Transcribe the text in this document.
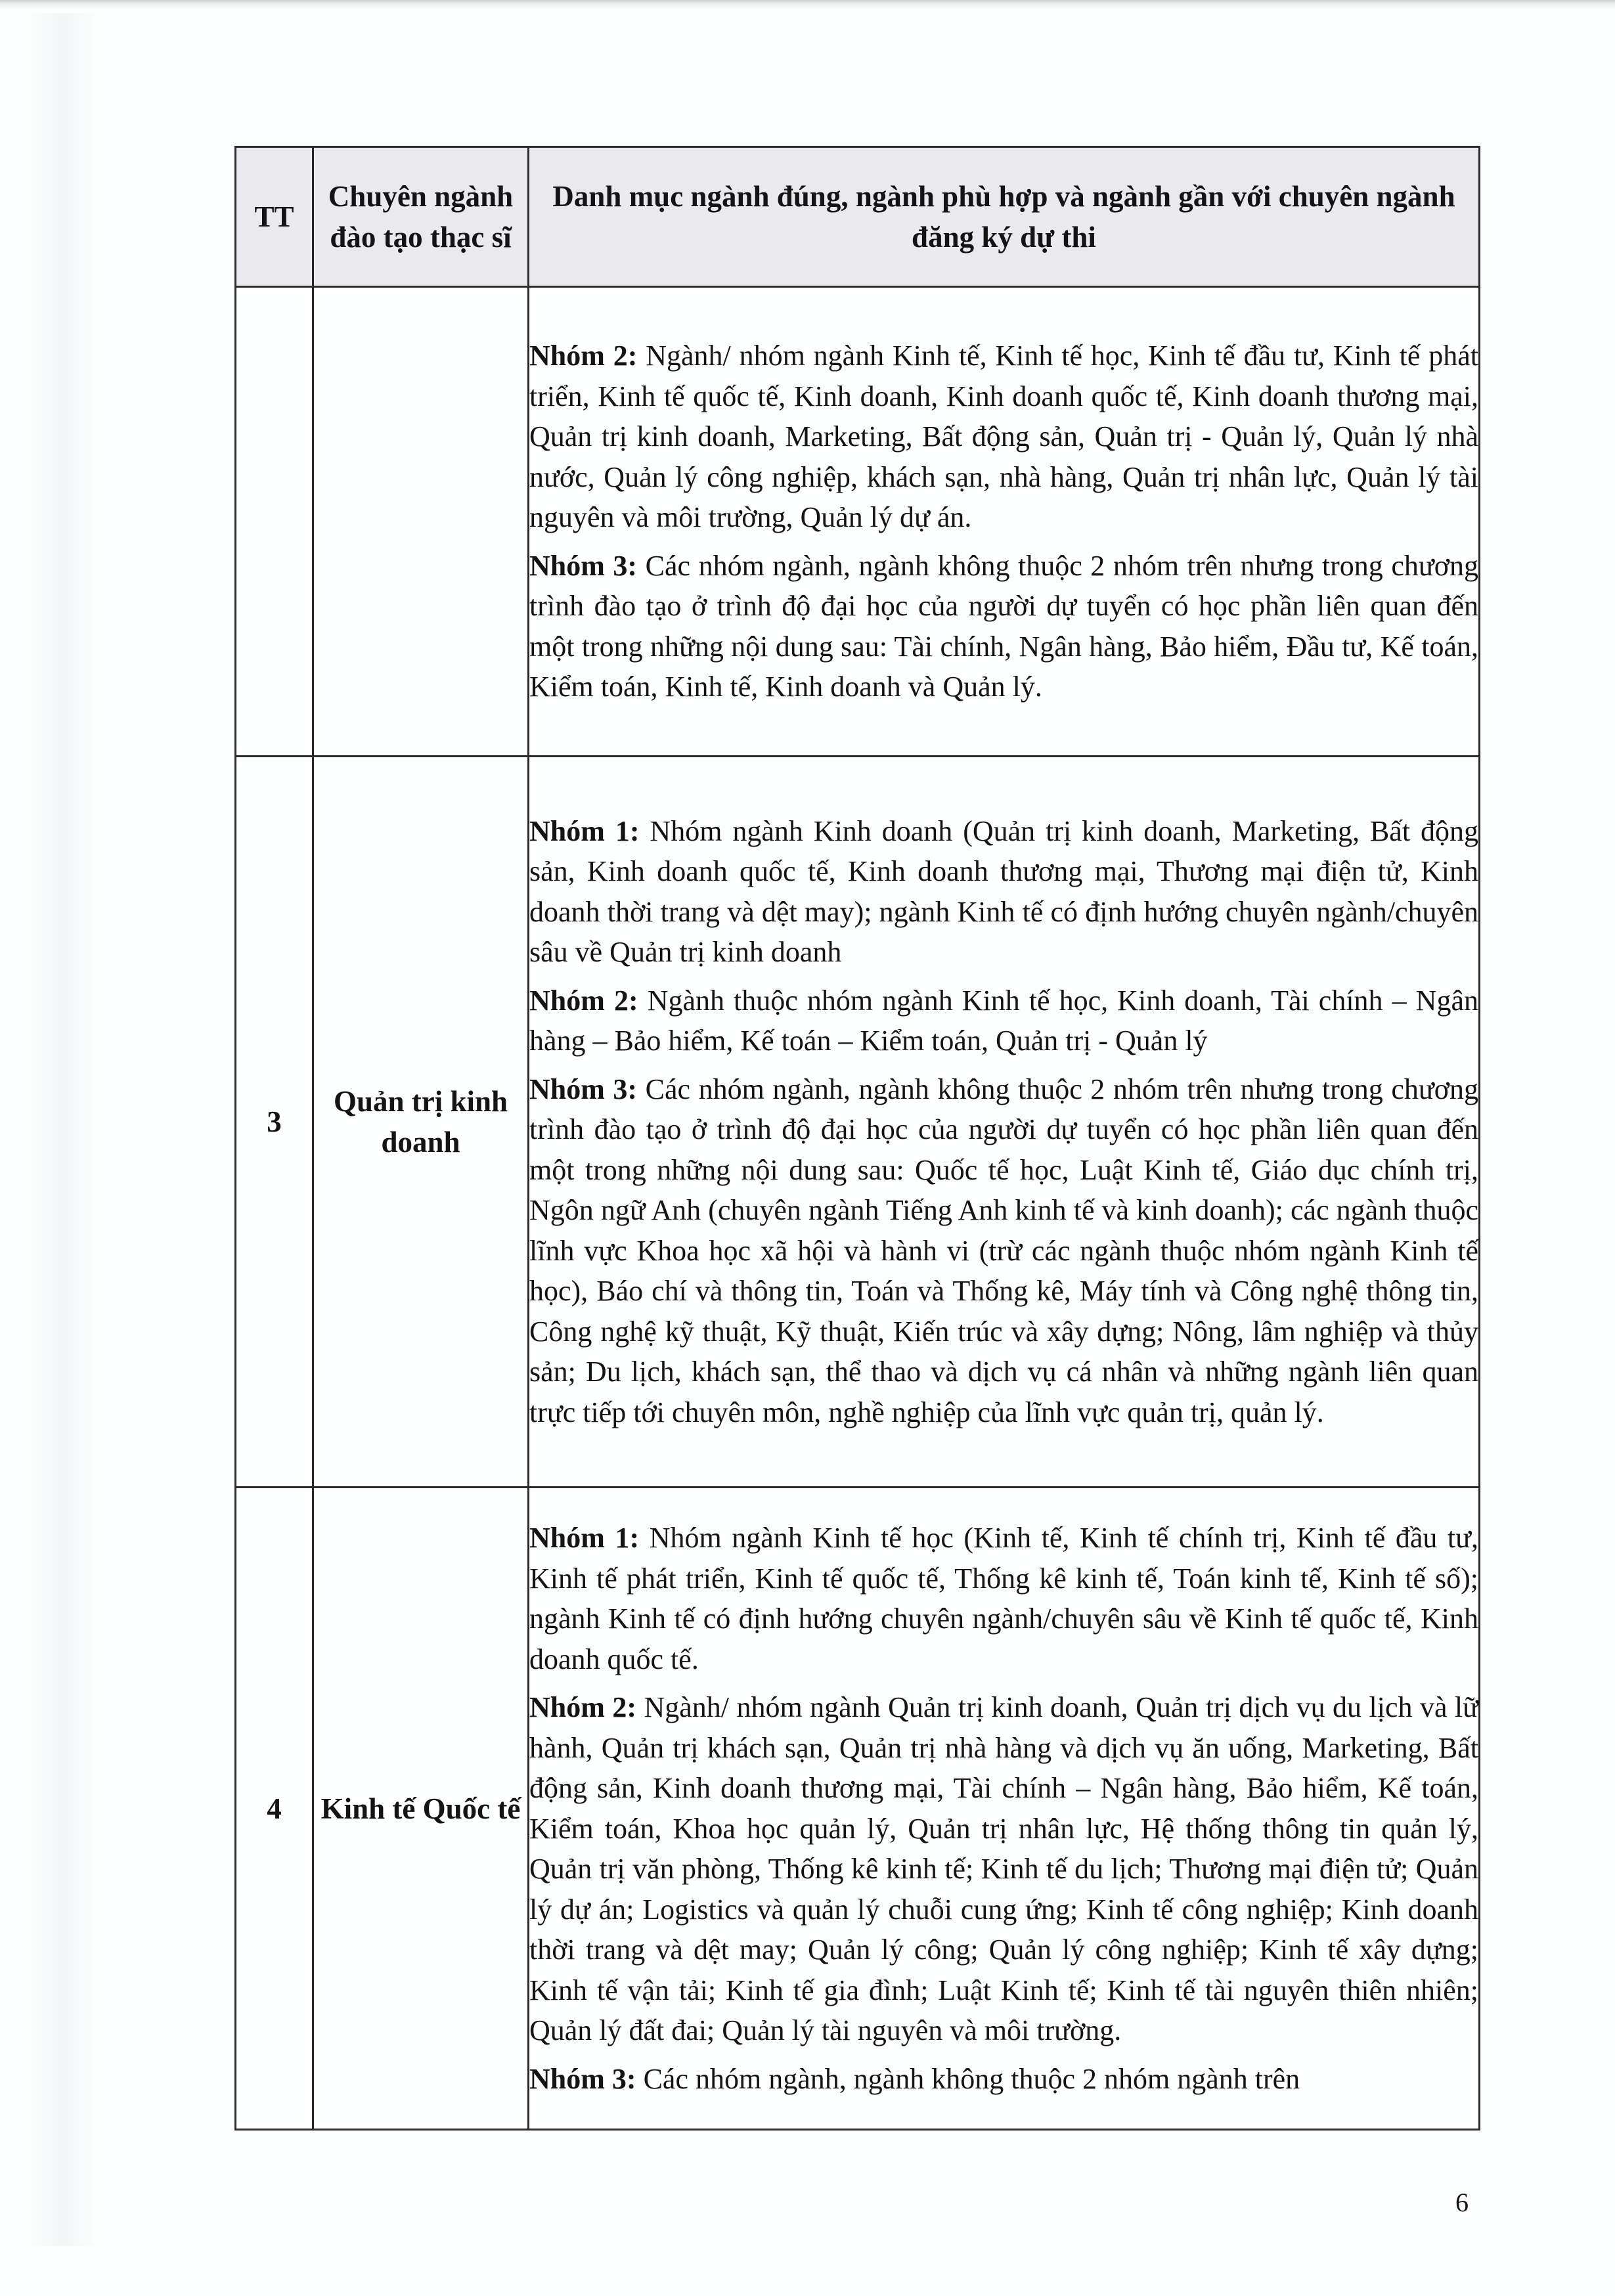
TT	Chuyên ngành đào tạo thạc sĩ	Danh mục ngành đúng, ngành phù hợp và ngành gần với chuyên ngành đăng ký dự thi

		Nhóm 2: Ngành/ nhóm ngành Kinh tế, Kinh tế học, Kinh tế đầu tư, Kinh tế phát triển, Kinh tế quốc tế, Kinh doanh, Kinh doanh quốc tế, Kinh doanh thương mại, Quản trị kinh doanh, Marketing, Bất động sản, Quản trị - Quản lý, Quản lý nhà nước, Quản lý công nghiệp, khách sạn, nhà hàng, Quản trị nhân lực, Quản lý tài nguyên và môi trường, Quản lý dự án.

Nhóm 3: Các nhóm ngành, ngành không thuộc 2 nhóm trên nhưng trong chương trình đào tạo ở trình độ đại học của người dự tuyển có học phần liên quan đến một trong những nội dung sau: Tài chính, Ngân hàng, Bảo hiểm, Đầu tư, Kế toán, Kiểm toán, Kinh tế, Kinh doanh và Quản lý.

3	Quản trị kinh doanh	Nhóm 1: Nhóm ngành Kinh doanh (Quản trị kinh doanh, Marketing, Bất động sản, Kinh doanh quốc tế, Kinh doanh thương mại, Thương mại điện tử, Kinh doanh thời trang và dệt may); ngành Kinh tế có định hướng chuyên ngành/chuyên sâu về Quản trị kinh doanh

Nhóm 2: Ngành thuộc nhóm ngành Kinh tế học, Kinh doanh, Tài chính – Ngân hàng – Bảo hiểm, Kế toán – Kiểm toán, Quản trị - Quản lý

Nhóm 3: Các nhóm ngành, ngành không thuộc 2 nhóm trên nhưng trong chương trình đào tạo ở trình độ đại học của người dự tuyển có học phần liên quan đến một trong những nội dung sau: Quốc tế học, Luật Kinh tế, Giáo dục chính trị, Ngôn ngữ Anh (chuyên ngành Tiếng Anh kinh tế và kinh doanh); các ngành thuộc lĩnh vực Khoa học xã hội và hành vi (trừ các ngành thuộc nhóm ngành Kinh tế học), Báo chí và thông tin, Toán và Thống kê, Máy tính và Công nghệ thông tin, Công nghệ kỹ thuật, Kỹ thuật, Kiến trúc và xây dựng; Nông, lâm nghiệp và thủy sản; Du lịch, khách sạn, thể thao và dịch vụ cá nhân và những ngành liên quan trực tiếp tới chuyên môn, nghề nghiệp của lĩnh vực quản trị, quản lý.

4	Kinh tế Quốc tế	Nhóm 1: Nhóm ngành Kinh tế học (Kinh tế, Kinh tế chính trị, Kinh tế đầu tư, Kinh tế phát triển, Kinh tế quốc tế, Thống kê kinh tế, Toán kinh tế, Kinh tế số); ngành Kinh tế có định hướng chuyên ngành/chuyên sâu về Kinh tế quốc tế, Kinh doanh quốc tế.

Nhóm 2: Ngành/ nhóm ngành Quản trị kinh doanh, Quản trị dịch vụ du lịch và lữ hành, Quản trị khách sạn, Quản trị nhà hàng và dịch vụ ăn uống, Marketing, Bất động sản, Kinh doanh thương mại, Tài chính – Ngân hàng, Bảo hiểm, Kế toán, Kiểm toán, Khoa học quản lý, Quản trị nhân lực, Hệ thống thông tin quản lý, Quản trị văn phòng, Thống kê kinh tế; Kinh tế du lịch; Thương mại điện tử; Quản lý dự án; Logistics và quản lý chuỗi cung ứng; Kinh tế công nghiệp; Kinh doanh thời trang và dệt may; Quản lý công; Quản lý công nghiệp; Kinh tế xây dựng; Kinh tế vận tải; Kinh tế gia đình; Luật Kinh tế; Kinh tế tài nguyên thiên nhiên; Quản lý đất đai; Quản lý tài nguyên và môi trường.

Nhóm 3: Các nhóm ngành, ngành không thuộc 2 nhóm ngành trên

6
